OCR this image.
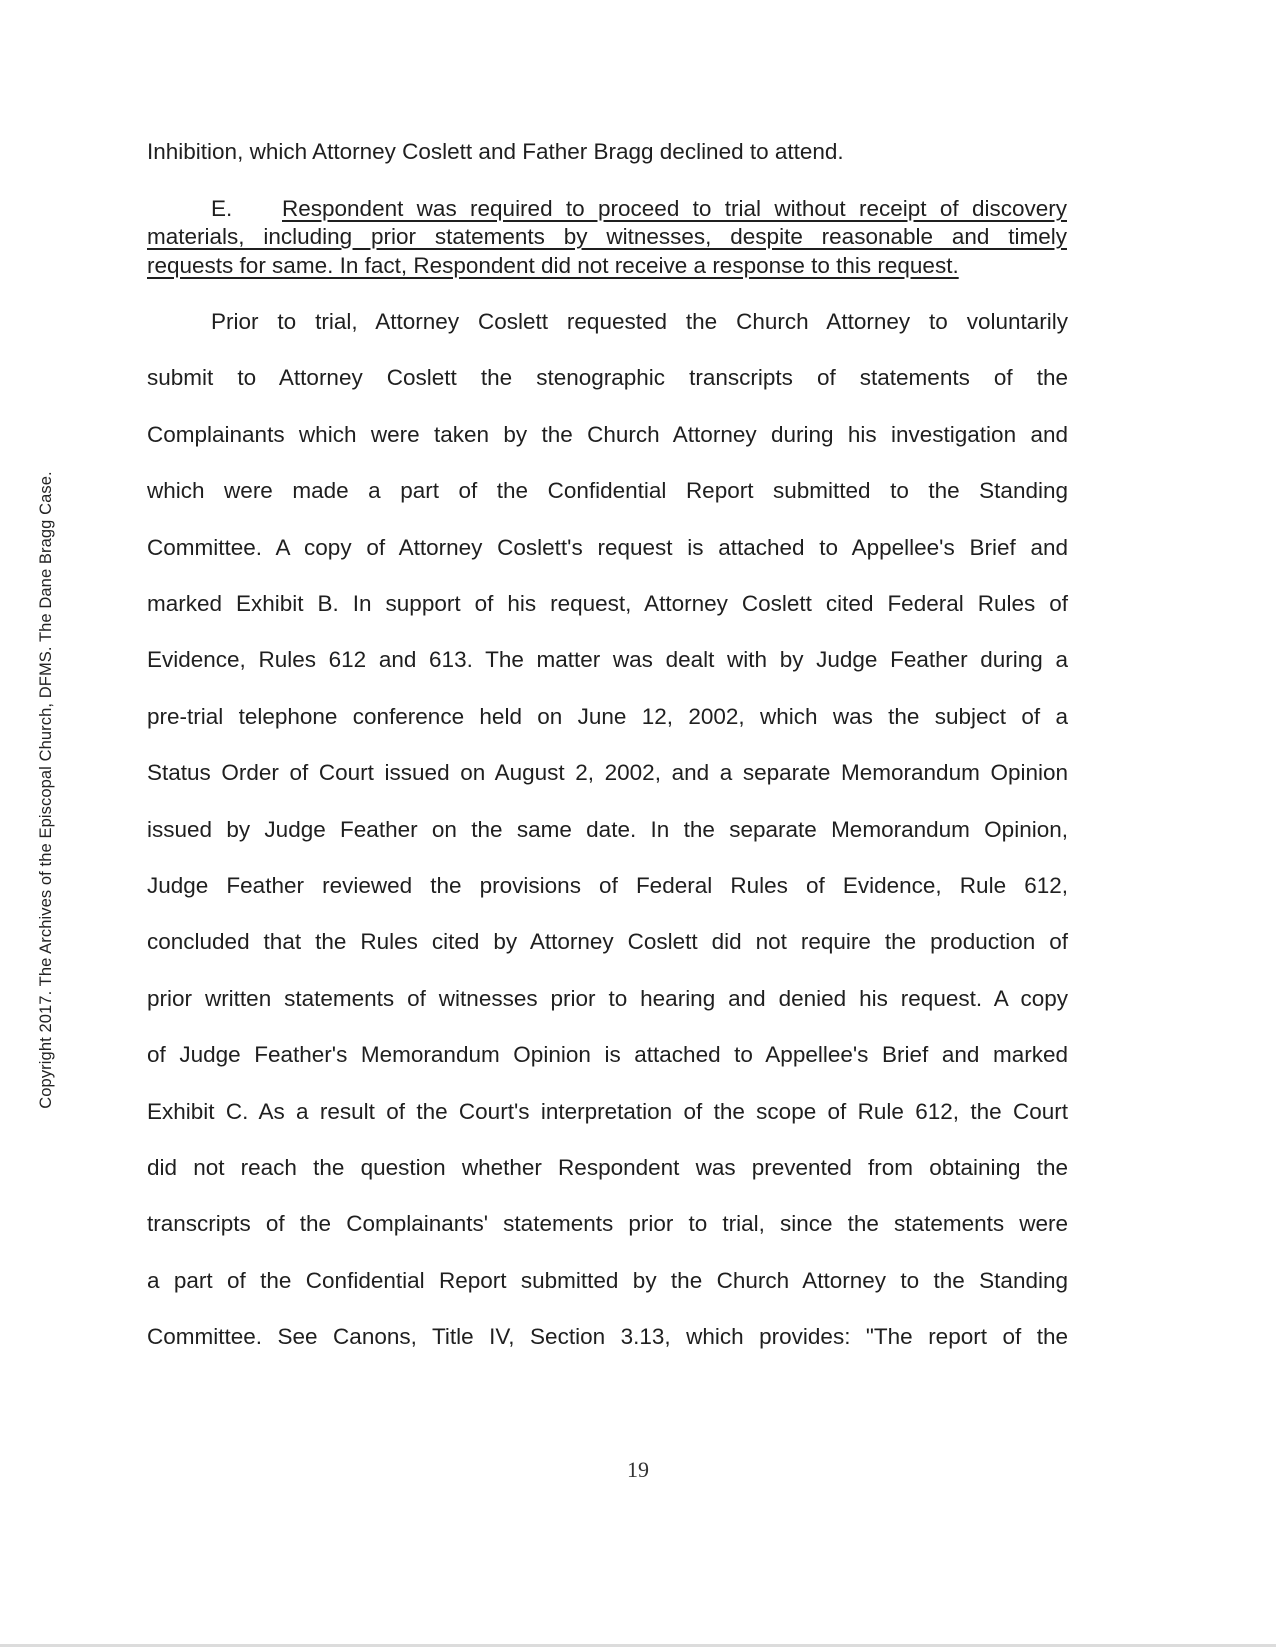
Copyright 2017. The Archives of the Episcopal Church, DFMS. The Dane Bragg Case.
Inhibition, which Attorney Coslett and Father Bragg declined to attend.
E. Respondent was required to proceed to trial without receipt of discovery
materials, including prior statements by witnesses, despite reasonable and timely
requests for same. In fact, Respondent did not receive a response to this request.
Prior to trial, Attorney Coslett requested the Church Attorney to voluntarily
submit to Attorney Coslett the stenographic transcripts of statements of the
Complainants which were taken by the Church Attorney during his investigation and
which were made a part of the Confidential Report submitted to the Standing
Committee. A copy of Attorney Coslett's request is attached to Appellee's Brief and
marked Exhibit B. In support of his request, Attorney Coslett cited Federal Rules of
Evidence, Rules 612 and 613. The matter was dealt with by Judge Feather during a
pre-trial telephone conference held on June 12, 2002, which was the subject of a
Status Order of Court issued on August 2, 2002, and a separate Memorandum Opinion
issued by Judge Feather on the same date. In the separate Memorandum Opinion,
Judge Feather reviewed the provisions of Federal Rules of Evidence, Rule 612,
concluded that the Rules cited by Attorney Coslett did not require the production of
prior written statements of witnesses prior to hearing and denied his request. A copy
of Judge Feather's Memorandum Opinion is attached to Appellee's Brief and marked
Exhibit C. As a result of the Court's interpretation of the scope of Rule 612, the Court
did not reach the question whether Respondent was prevented from obtaining the
transcripts of the Complainants' statements prior to trial, since the statements were
a part of the Confidential Report submitted by the Church Attorney to the Standing
Committee. See Canons, Title IV, Section 3.13, which provides: "The report of the
19
